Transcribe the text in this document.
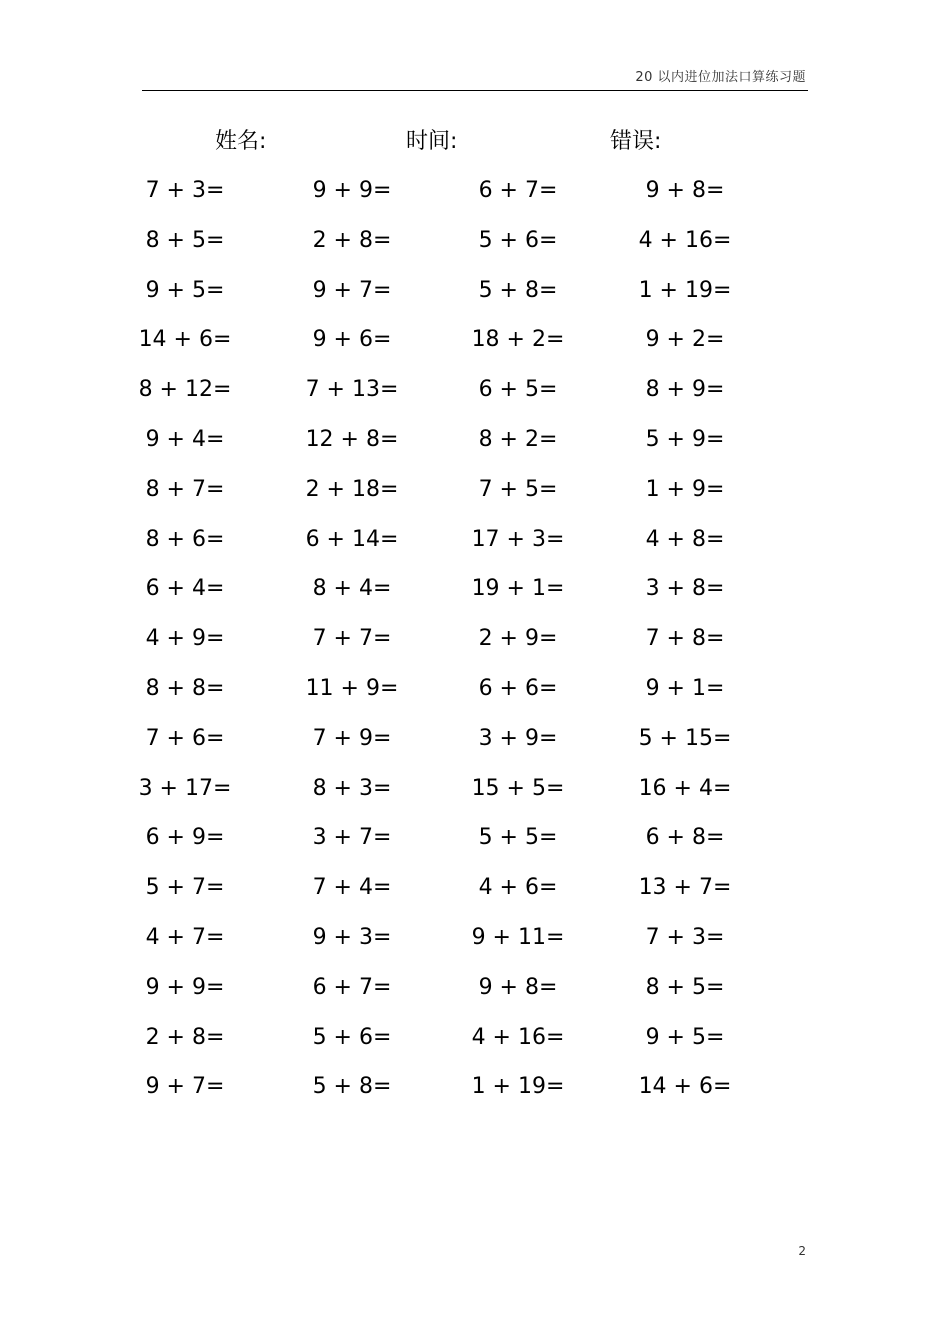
20 以内进位加法口算练习题
姓名:	时间:	错误:
7 + 3=	9 + 9=	6 + 7=	9 + 8=
8 + 5=	2 + 8=	5 + 6=	4 + 16=
9 + 5=	9 + 7=	5 + 8=	1 + 19=
14 + 6=	9 + 6=	18 + 2=	9 + 2=
8 + 12=	7 + 13=	6 + 5=	8 + 9=
9 + 4=	12 + 8=	8 + 2=	5 + 9=
8 + 7=	2 + 18=	7 + 5=	1 + 9=
8 + 6=	6 + 14=	17 + 3=	4 + 8=
6 + 4=	8 + 4=	19 + 1=	3 + 8=
4 + 9=	7 + 7=	2 + 9=	7 + 8=
8 + 8=	11 + 9=	6 + 6=	9 + 1=
7 + 6=	7 + 9=	3 + 9=	5 + 15=
3 + 17=	8 + 3=	15 + 5=	16 + 4=
6 + 9=	3 + 7=	5 + 5=	6 + 8=
5 + 7=	7 + 4=	4 + 6=	13 + 7=
4 + 7=	9 + 3=	9 + 11=	7 + 3=
9 + 9=	6 + 7=	9 + 8=	8 + 5=
2 + 8=	5 + 6=	4 + 16=	9 + 5=
9 + 7=	5 + 8=	1 + 19=	14 + 6=
2
